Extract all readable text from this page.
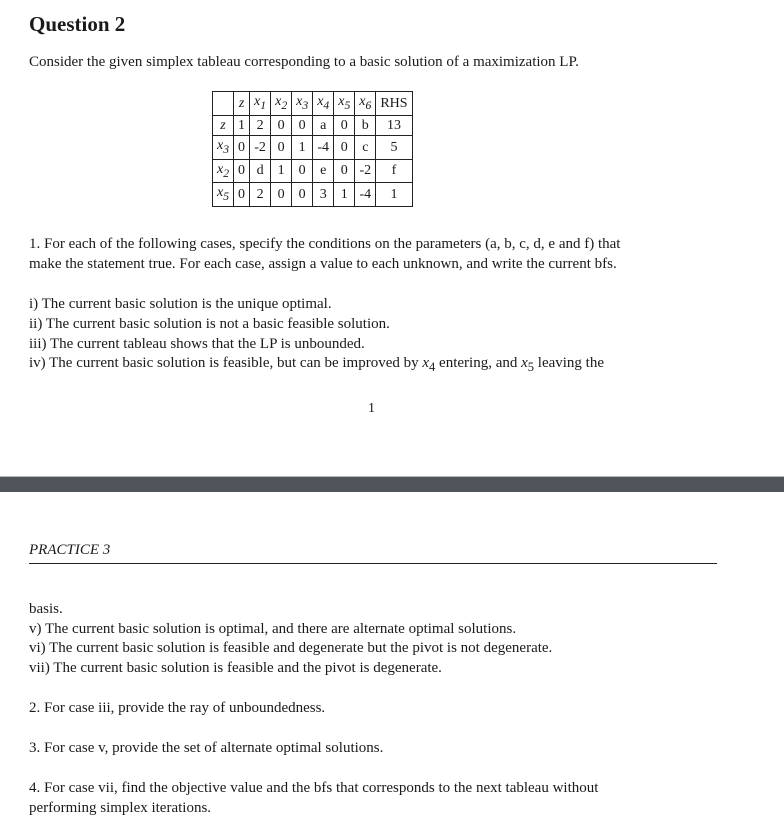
Question 2
Consider the given simplex tableau corresponding to a basic solution of a maximization LP.
	z	$x_1$	$x_2$	$x_3$	$x_4$	$x_5$	$x_6$	RHS
z	1	2	0	0	a	0	b	13
$x_3$	0	-2	0	1	-4	0	c	5
$x_2$	0	d	1	0	e	0	-2	f
$x_5$	0	2	0	0	3	1	-4	1
1. For each of the following cases, specify the conditions on the parameters (a, b, c, d, e and f) that
make the statement true. For each case, assign a value to each unknown, and write the current bfs.
i) The current basic solution is the unique optimal.
ii) The current basic solution is not a basic feasible solution.
iii) The current tableau shows that the LP is unbounded.
iv) The current basic solution is feasible, but can be improved by $x_4$ entering, and $x_5$ leaving the
1
PRACTICE 3
basis.
v) The current basic solution is optimal, and there are alternate optimal solutions.
vi) The current basic solution is feasible and degenerate but the pivot is not degenerate.
vii) The current basic solution is feasible and the pivot is degenerate.
2. For case iii, provide the ray of unboundedness.
3. For case v, provide the set of alternate optimal solutions.
4. For case vii, find the objective value and the bfs that corresponds to the next tableau without
performing simplex iterations.
